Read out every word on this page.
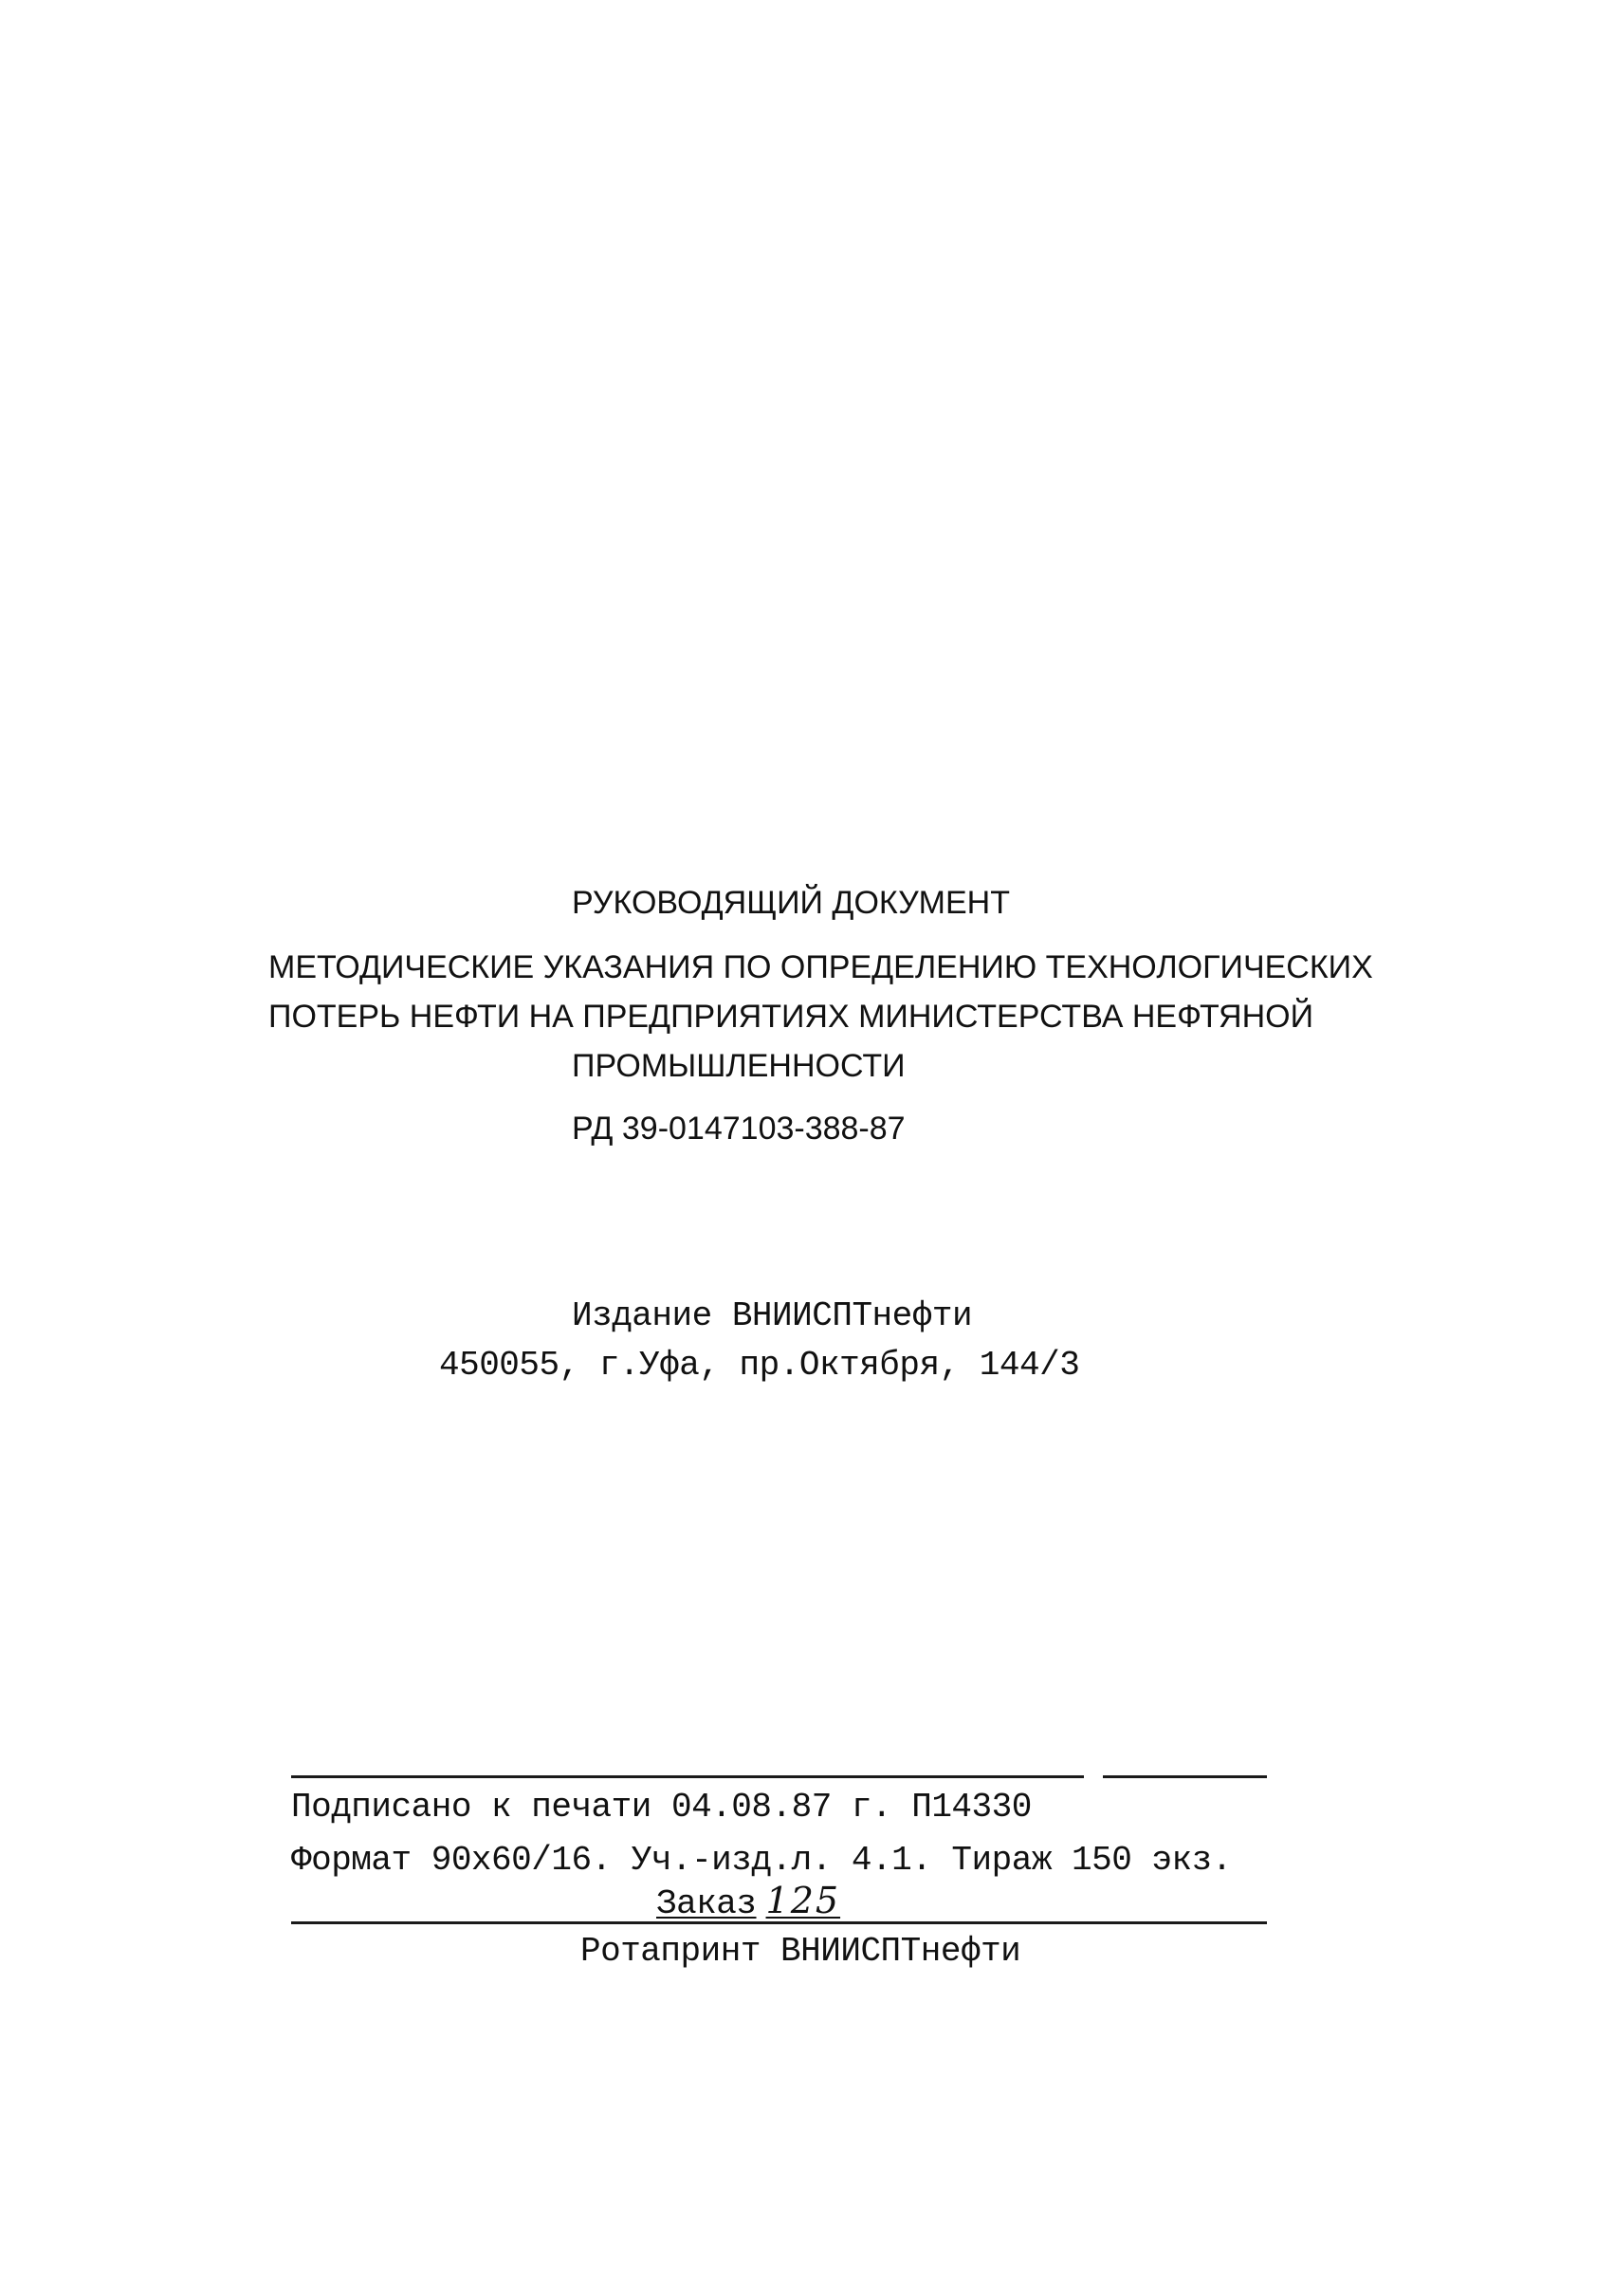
РУКОВОДЯЩИЙ ДОКУМЕНТ
МЕТОДИЧЕСКИЕ УКАЗАНИЯ ПО ОПРЕДЕЛЕНИЮ ТЕХНОЛОГИЧЕСКИХ
ПОТЕРЬ НЕФТИ НА ПРЕДПРИЯТИЯХ МИНИСТЕРСТВА НЕФТЯНОЙ
ПРОМЫШЛЕННОСТИ
РД 39-0147103-388-87
Издание ВНИИСПТнефти
450055, г.Уфа, пр.Октября, 144/3
Подписано к печати 04.08.87 г. П14330
Формат 90х60/16. Уч.-изд.л. 4.1. Тираж 150 экз.
Заказ 125
Ротапринт ВНИИСПТнефти
